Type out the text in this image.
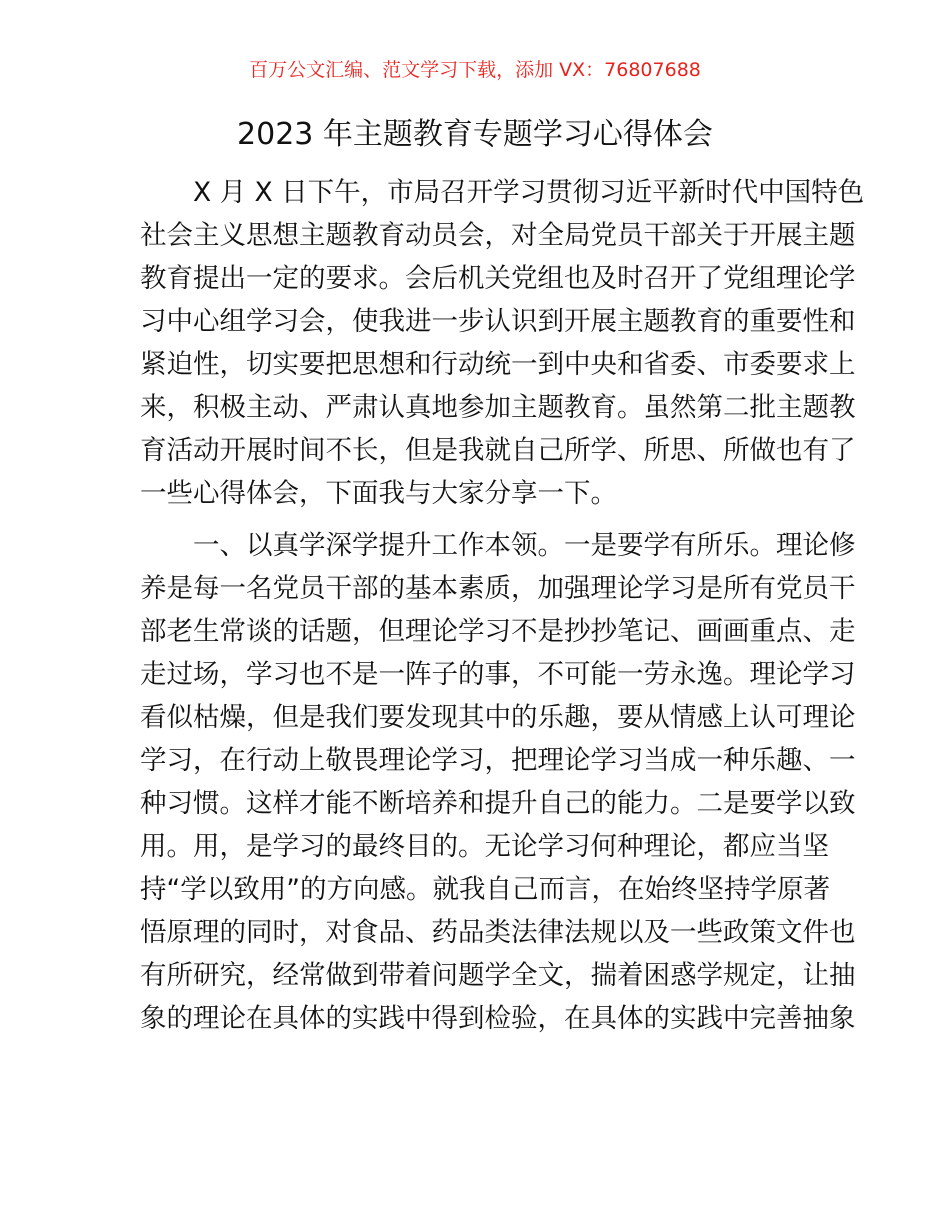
百万公文汇编、范文学习下载，添加 VX：76807688
2023 年主题教育专题学习心得体会
X 月 X 日下午，市局召开学习贯彻习近平新时代中国特色
社会主义思想主题教育动员会，对全局党员干部关于开展主题
教育提出一定的要求。会后机关党组也及时召开了党组理论学
习中心组学习会，使我进一步认识到开展主题教育的重要性和
紧迫性，切实要把思想和行动统一到中央和省委、市委要求上
来，积极主动、严肃认真地参加主题教育。虽然第二批主题教
育活动开展时间不长，但是我就自己所学、所思、所做也有了
一些心得体会，下面我与大家分享一下。
一、以真学深学提升工作本领。一是要学有所乐。理论修
养是每一名党员干部的基本素质，加强理论学习是所有党员干
部老生常谈的话题，但理论学习不是抄抄笔记、画画重点、走
走过场，学习也不是一阵子的事，不可能一劳永逸。理论学习
看似枯燥，但是我们要发现其中的乐趣，要从情感上认可理论
学习，在行动上敬畏理论学习，把理论学习当成一种乐趣、一
种习惯。这样才能不断培养和提升自己的能力。二是要学以致
用。用，是学习的最终目的。无论学习何种理论，都应当坚
持“学以致用”的方向感。就我自己而言，在始终坚持学原著
悟原理的同时，对食品、药品类法律法规以及一些政策文件也
有所研究，经常做到带着问题学全文，揣着困惑学规定，让抽
象的理论在具体的实践中得到检验，在具体的实践中完善抽象
